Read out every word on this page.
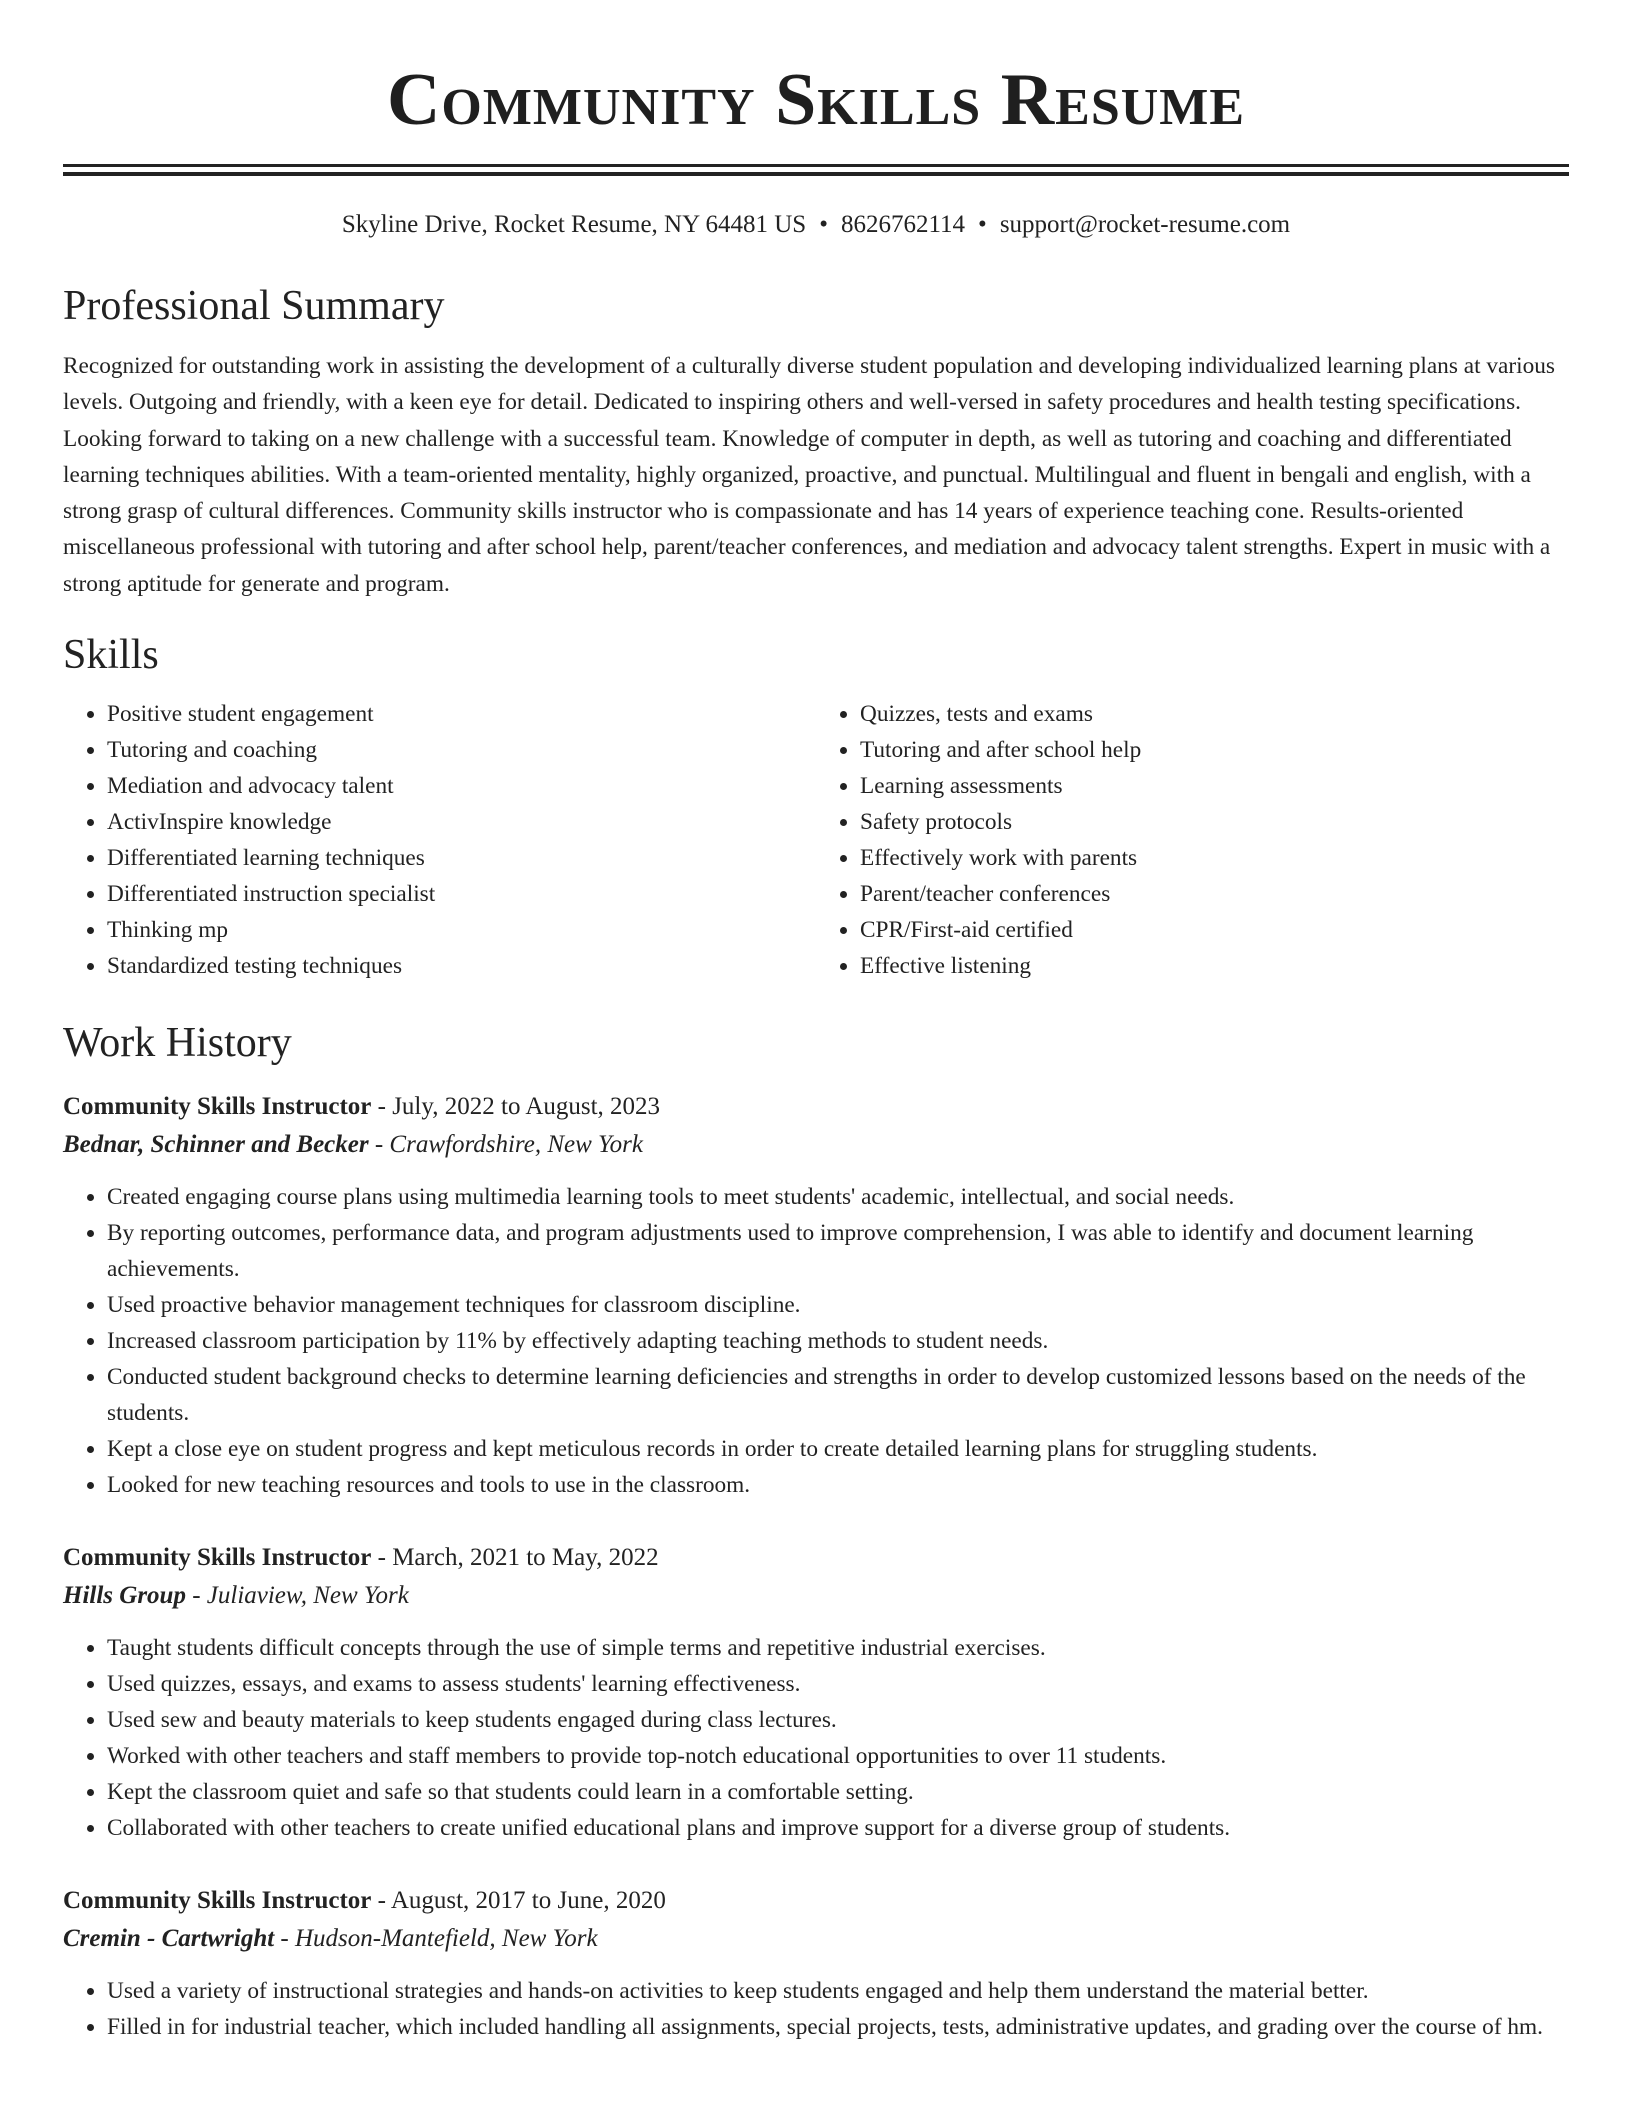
Community Skills Resume
Skyline Drive, Rocket Resume, NY 64481 US • 8626762114 • support@rocket-resume.com
Professional Summary

Recognized for outstanding work in assisting the development of a culturally diverse student population and developing individualized learning plans at various levels. Outgoing and friendly, with a keen eye for detail. Dedicated to inspiring others and well-versed in safety procedures and health testing specifications. Looking forward to taking on a new challenge with a successful team. Knowledge of computer in depth, as well as tutoring and coaching and differentiated learning techniques abilities. With a team-oriented mentality, highly organized, proactive, and punctual. Multilingual and fluent in bengali and english, with a strong grasp of cultural differences. Community skills instructor who is compassionate and has 14 years of experience teaching cone. Results-oriented miscellaneous professional with tutoring and after school help, parent/teacher conferences, and mediation and advocacy talent strengths. Expert in music with a strong aptitude for generate and program.

Skills
• Positive student engagement
• Tutoring and coaching
• Mediation and advocacy talent
• ActivInspire knowledge
• Differentiated learning techniques
• Differentiated instruction specialist
• Thinking mp
• Standardized testing techniques
• Quizzes, tests and exams
• Tutoring and after school help
• Learning assessments
• Safety protocols
• Effectively work with parents
• Parent/teacher conferences
• CPR/First-aid certified
• Effective listening
Work History
Community Skills Instructor - July, 2022 to August, 2023
Bednar, Schinner and Becker - Crawfordshire, New York
• Created engaging course plans using multimedia learning tools to meet students' academic, intellectual, and social needs.
• By reporting outcomes, performance data, and program adjustments used to improve comprehension, I was able to identify and document learning achievements.
• Used proactive behavior management techniques for classroom discipline.
• Increased classroom participation by 11% by effectively adapting teaching methods to student needs.
• Conducted student background checks to determine learning deficiencies and strengths in order to develop customized lessons based on the needs of the students.
• Kept a close eye on student progress and kept meticulous records in order to create detailed learning plans for struggling students.
• Looked for new teaching resources and tools to use in the classroom.
Community Skills Instructor - March, 2021 to May, 2022
Hills Group - Juliaview, New York
• Taught students difficult concepts through the use of simple terms and repetitive industrial exercises.
• Used quizzes, essays, and exams to assess students' learning effectiveness.
• Used sew and beauty materials to keep students engaged during class lectures.
• Worked with other teachers and staff members to provide top-notch educational opportunities to over 11 students.
• Kept the classroom quiet and safe so that students could learn in a comfortable setting.
• Collaborated with other teachers to create unified educational plans and improve support for a diverse group of students.
Community Skills Instructor - August, 2017 to June, 2020
Cremin - Cartwright - Hudson-Mantefield, New York
• Used a variety of instructional strategies and hands-on activities to keep students engaged and help them understand the material better.
• Filled in for industrial teacher, which included handling all assignments, special projects, tests, administrative updates, and grading over the course of hm.
